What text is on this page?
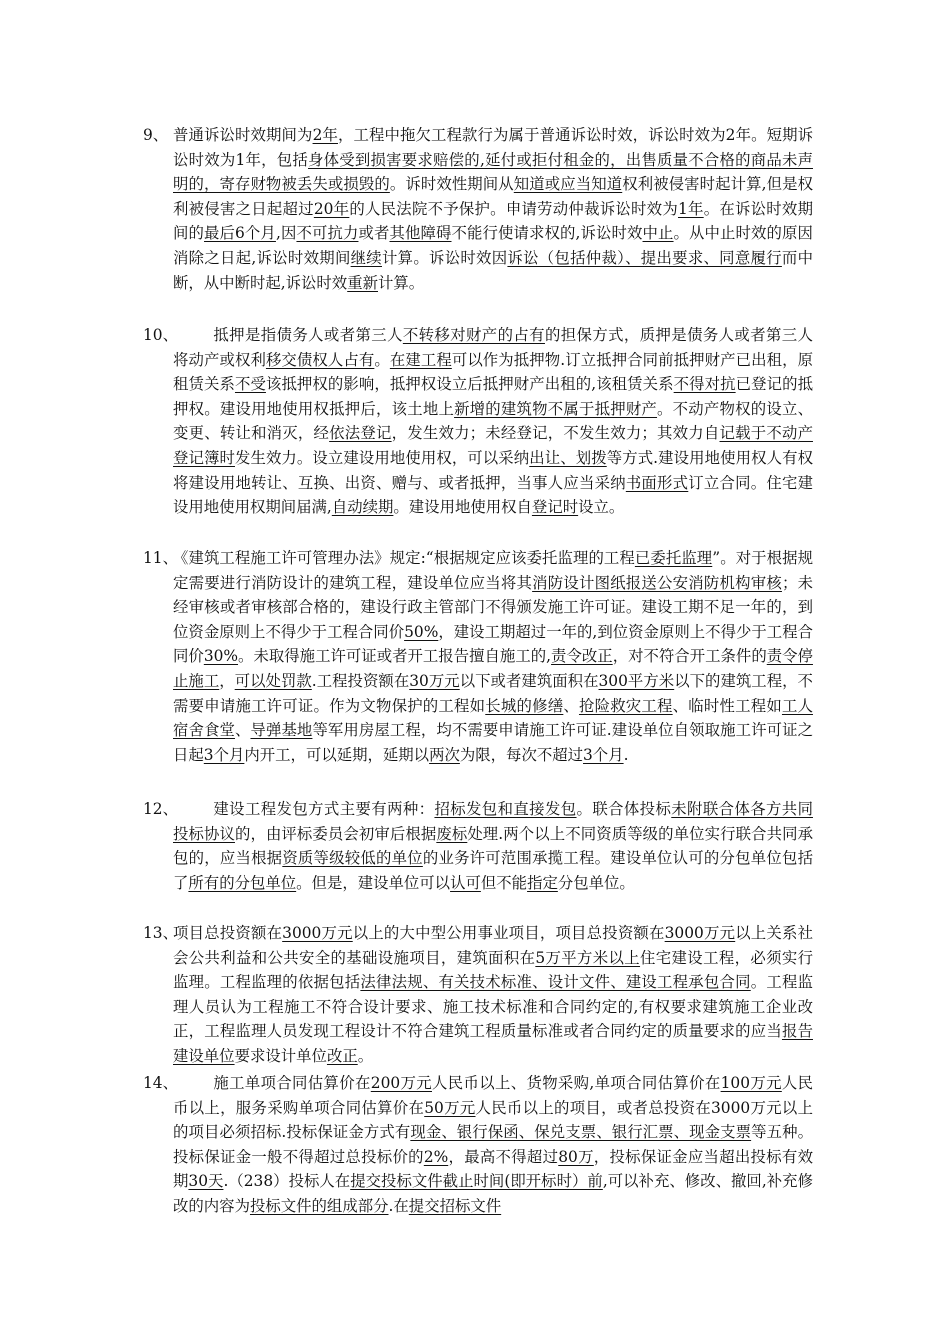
9、 普通诉讼时效期间为2年，工程中拖欠工程款行为属于普通诉讼时效，诉讼时效为2年。短期诉讼时效为1年，包括身体受到损害要求赔偿的,延付或拒付租金的，出售质量不合格的商品未声明的，寄存财物被丢失或损毁的。诉时效性期间从知道或应当知道权利被侵害时起计算,但是权利被侵害之日起超过20年的人民法院不予保护。申请劳动仲裁诉讼时效为1年。在诉讼时效期间的最后6个月,因不可抗力或者其他障碍不能行使请求权的,诉讼时效中止。从中止时效的原因消除之日起,诉讼时效期间继续计算。诉讼时效因诉讼（包括仲裁）、提出要求、同意履行而中断，从中断时起,诉讼时效重新计算。
10、	抵押是指债务人或者第三人不转移对财产的占有的担保方式，质押是债务人或者第三人将动产或权利移交债权人占有。在建工程可以作为抵押物.订立抵押合同前抵押财产已出租，原租赁关系不受该抵押权的影响，抵押权设立后抵押财产出租的,该租赁关系不得对抗已登记的抵押权。建设用地使用权抵押后，该土地上新增的建筑物不属于抵押财产。不动产物权的设立、变更、转让和消灭，经依法登记，发生效力；未经登记，不发生效力；其效力自记载于不动产登记簿时发生效力。设立建设用地使用权，可以采纳出让、划拨等方式.建设用地使用权人有权将建设用地转让、互换、出资、赠与、或者抵押，当事人应当采纳书面形式订立合同。住宅建设用地使用权期间届满,自动续期。建设用地使用权自登记时设立。
11、
《建筑工程施工许可管理办法》规定:“根据规定应该委托监理的工程已委托监理”。对于根据规定需要进行消防设计的建筑工程，建设单位应当将其消防设计图纸报送公安消防机构审核；未经审核或者审核部合格的，建设行政主管部门不得颁发施工许可证。建设工期不足一年的，到位资金原则上不得少于工程合同价50%，建设工期超过一年的,到位资金原则上不得少于工程合同价30%。未取得施工许可证或者开工报告擅自施工的,责令改正，对不符合开工条件的责令停止施工，可以处罚款.工程投资额在30万元以下或者建筑面积在300平方米以下的建筑工程，不需要申请施工许可证。作为文物保护的工程如长城的修缮、抢险救灾工程、临时性工程如工人宿舍食堂、导弹基地等军用房屋工程，均不需要申请施工许可证.建设单位自领取施工许可证之日起3个月内开工，可以延期，延期以两次为限，每次不超过3个月.
12、	建设工程发包方式主要有两种：招标发包和直接发包。联合体投标未附联合体各方共同投标协议的，由评标委员会初审后根据废标处理.两个以上不同资质等级的单位实行联合共同承包的，应当根据资质等级较低的单位的业务许可范围承揽工程。建设单位认可的分包单位包括了所有的分包单位。但是，建设单位可以认可但不能指定分包单位。
13、
项目总投资额在3000万元以上的大中型公用事业项目，项目总投资额在3000万元以上关系社会公共利益和公共安全的基础设施项目，建筑面积在5万平方米以上住宅建设工程，必须实行监理。工程监理的依据包括法律法规、有关技术标准、设计文件、建设工程承包合同。工程监理人员认为工程施工不符合设计要求、施工技术标准和合同约定的,有权要求建筑施工企业改正，工程监理人员发现工程设计不符合建筑工程质量标准或者合同约定的质量要求的应当报告建设单位要求设计单位改正。
14、	施工单项合同估算价在200万元人民币以上、货物采购,单项合同估算价在100万元人民币以上，服务采购单项合同估算价在50万元人民币以上的项目，或者总投资在3000万元以上的项目必须招标.投标保证金方式有现金、银行保函、保兑支票、银行汇票、现金支票等五种。投标保证金一般不得超过总投标价的2%，最高不得超过80万，投标保证金应当超出投标有效期30天.（238）投标人在提交投标文件截止时间(即开标时）前,可以补充、修改、撤回,补充修改的内容为投标文件的组成部分.在提交招标文件
